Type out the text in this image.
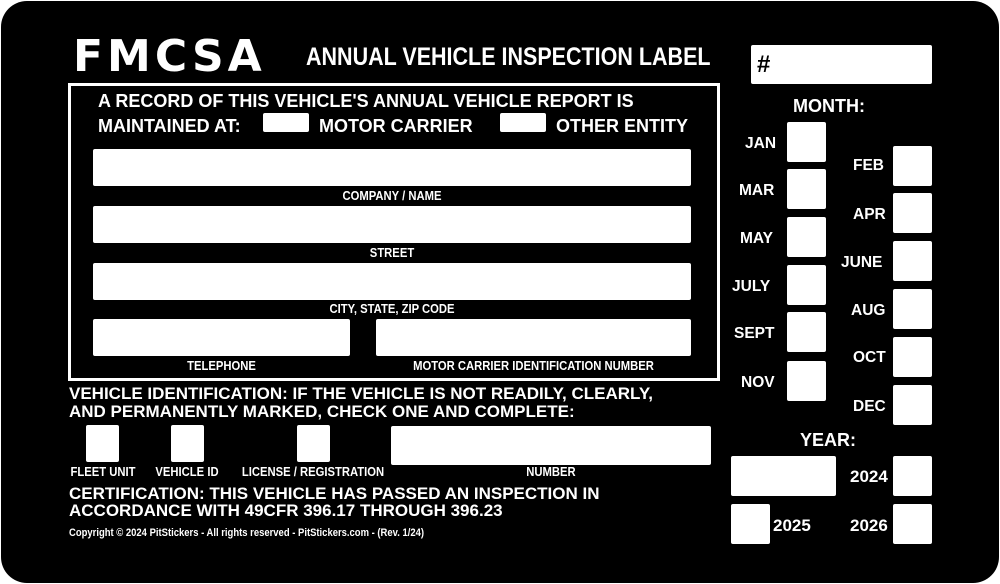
FMCSA ANNUAL VEHICLE INSPECTION LABEL #
A RECORD OF THIS VEHICLE'S ANNUAL VEHICLE REPORT IS
MAINTAINED AT:	MOTOR CARRIER	OTHER ENTITY
COMPANY / NAME
STREET
CITY, STATE, ZIP CODE
TELEPHONE	MOTOR CARRIER IDENTIFICATION NUMBER
VEHICLE IDENTIFICATION: IF THE VEHICLE IS NOT READILY, CLEARLY,
AND PERMANENTLY MARKED, CHECK ONE AND COMPLETE:
FLEET UNIT	VEHICLE ID	LICENSE / REGISTRATION	NUMBER
CERTIFICATION: THIS VEHICLE HAS PASSED AN INSPECTION IN
ACCORDANCE WITH 49CFR 396.17 THROUGH 396.23
Copyright © 2024 PitStickers - All rights reserved - PitStickers.com - (Rev. 1/24)
MONTH:
JAN
MAR
MAY
JULY
SEPT
NOV
FEB
APR
JUNE
AUG
OCT
DEC
YEAR:
2024
2025 2026
